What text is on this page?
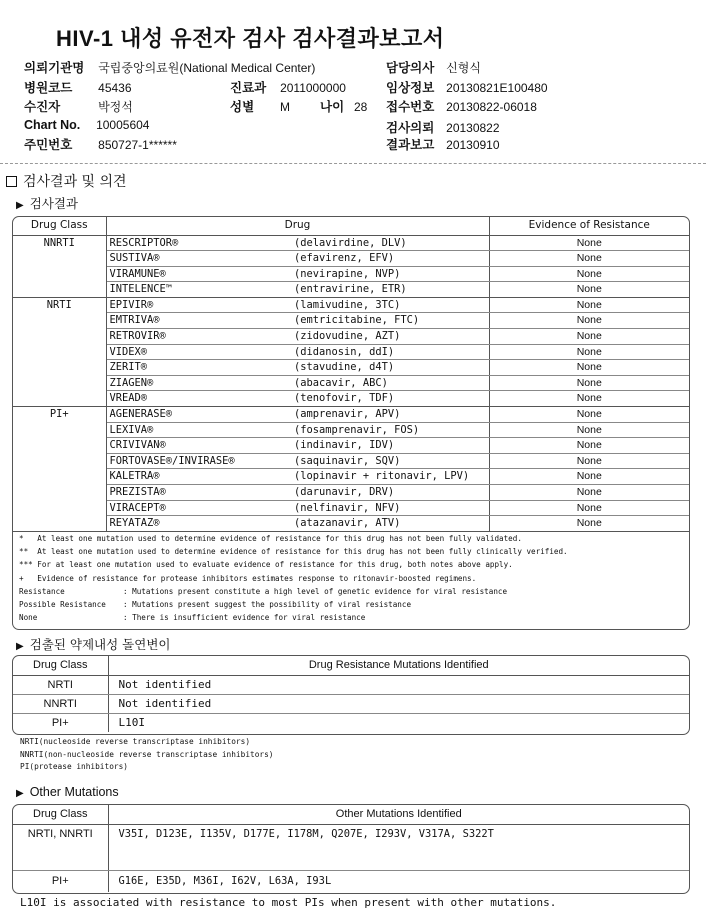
HIV-1 내성 유전자 검사 검사결과보고서
의뢰기관명 국립중앙의료원(National Medical Center)
병원코드 45436	진료과 2011000000
수진자	박정석	성별 M 나이 28
Chart No. 10005604
주민번호 850727-1******
담당의사 신형식
임상정보 20130821E100480
접수번호 20130822-06018
검사의뢰 20130822
결과보고 20130910
검사결과 및 의견
▶ 검사결과
Drug Class	Drug		Evidence of Resistance
NNRTI	RESCRIPTOR®	(delavirdine, DLV)	None
	SUSTIVA®	(efavirenz, EFV)	None
	VIRAMUNE®	(nevirapine, NVP)	None
	INTELENCE™	(entravirine, ETR)	None
NRTI	EPIVIR®	(lamivudine, 3TC)	None
	EMTRIVA®	(emtricitabine, FTC)	None
	RETROVIR®	(zidovudine, AZT)	None
	VIDEX®	(didanosin, ddI)	None
	ZERIT®	(stavudine, d4T)	None
	ZIAGEN®	(abacavir, ABC)	None
	VREAD®	(tenofovir, TDF)	None
PI+	AGENERASE®	(amprenavir, APV)	None
	LEXIVA®	(fosamprenavir, FOS)	None
	CRIVIVAN®	(indinavir, IDV)	None
	FORTOVASE®/INVIRASE®	(saquinavir, SQV)	None
	KALETRA®	(lopinavir + ritonavir, LPV)	None
	PREZISTA®	(darunavir, DRV)	None
	VIRACEPT®	(nelfinavir, NFV)	None
	REYATAZ®	(atazanavir, ATV)	None

*   At least one mutation used to determine evidence of resistance for this drug has not been fully validated.
**  At least one mutation used to determine evidence of resistance for this drug has not been fully clinically verified.
*** For at least one mutation used to evaluate evidence of resistance for this drug, both notes above apply.
+   Evidence of resistance for protease inhibitors estimates response to ritonavir-boosted regimens.
Resistance	: Mutations present constitute a high level of genetic evidence for viral resistance
Possible Resistance : Mutations present suggest the possibility of viral resistance
None	: There is insufficient evidence for viral resistance
▶ 검출된 약제내성 돌연변이
Drug Class	Drug Resistance Mutations Identified
NRTI	Not identified
NNRTI	Not identified
PI+	L10I
NRTI(nucleoside reverse transcriptase inhibitors)
NNRTI(non-nucleoside reverse transcriptase inhibitors)
PI(protease inhibitors)
▶ Other Mutations
Drug Class	Other Mutations Identified
NRTI, NNRTI	V35I, D123E, I135V, D177E, I178M, Q207E, I293V, V317A, S322T
PI+	G16E, E35D, M36I, I62V, L63A, I93L
L10I is associated with resistance to most PIs when present with other mutations.
